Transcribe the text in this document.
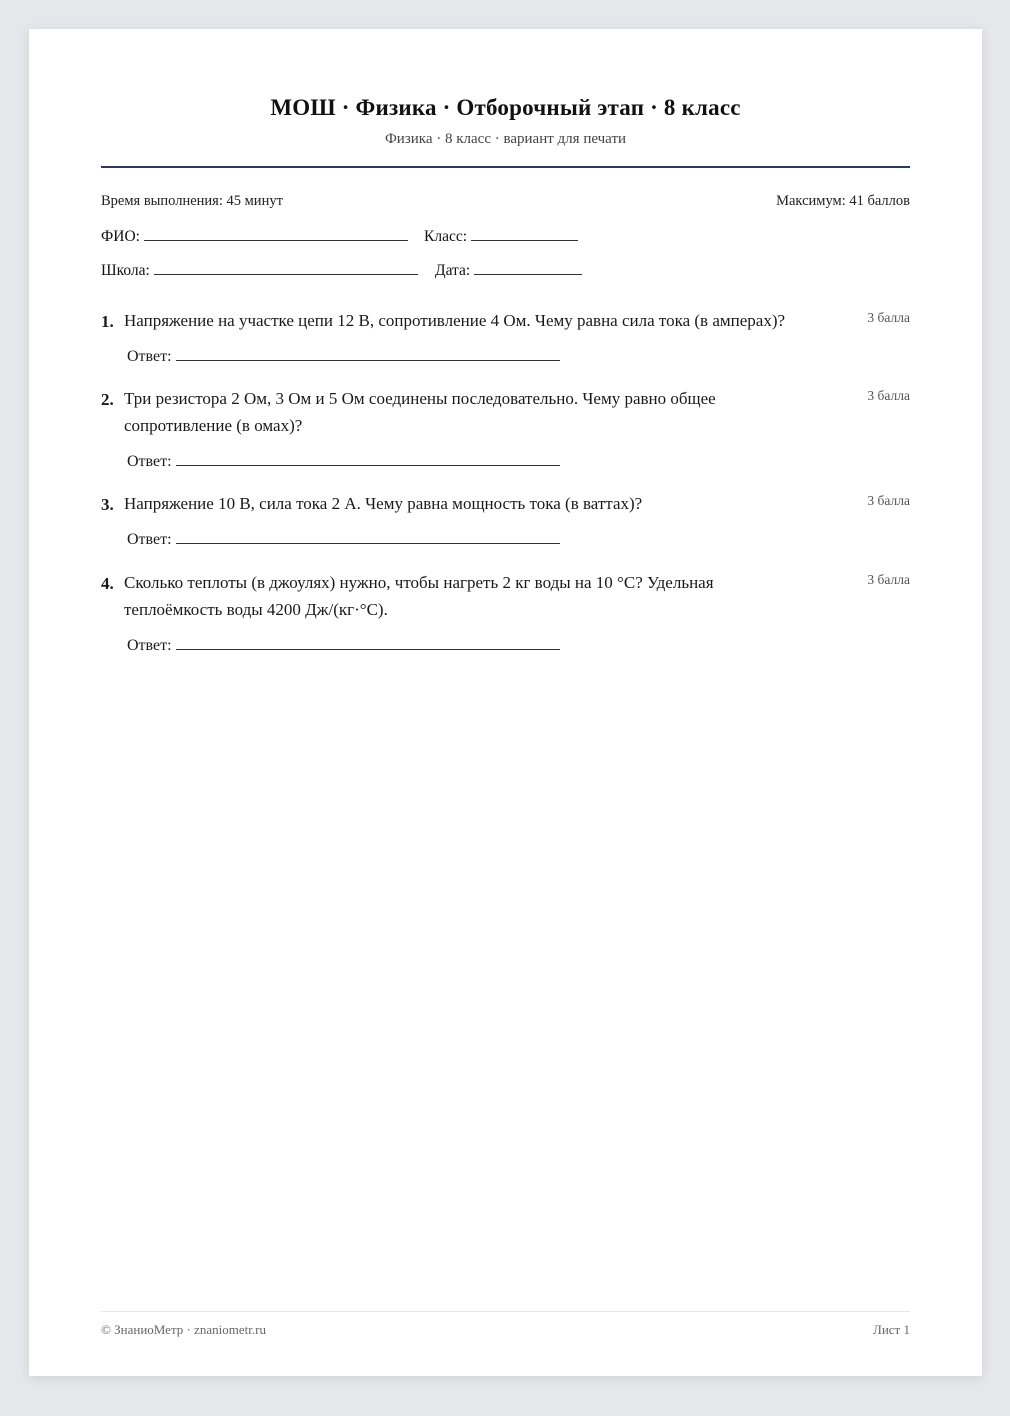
МОШ · Физика · Отборочный этап · 8 класс
Физика · 8 класс · вариант для печати
Время выполнения: 45 минут	Максимум: 41 баллов
ФИО:	Класс:
Школа:	Дата:
1. Напряжение на участке цепи 12 В, сопротивление 4 Ом. Чему равна сила тока (в амперах)?	3 балла
Ответ:
2. Три резистора 2 Ом, 3 Ом и 5 Ом соединены последовательно. Чему равно общее сопротивление (в омах)?
3 балла
Ответ:
3. Напряжение 10 В, сила тока 2 А. Чему равна мощность тока (в ваттах)?	3 балла
Ответ:
4. Сколько теплоты (в джоулях) нужно, чтобы нагреть 2 кг воды на 10 °C? Удельная теплоёмкость воды 4200 Дж/(кг·°C).
3 балла
Ответ:
© ЗнаниоМетр · znaniometr.ru	Лист 1
